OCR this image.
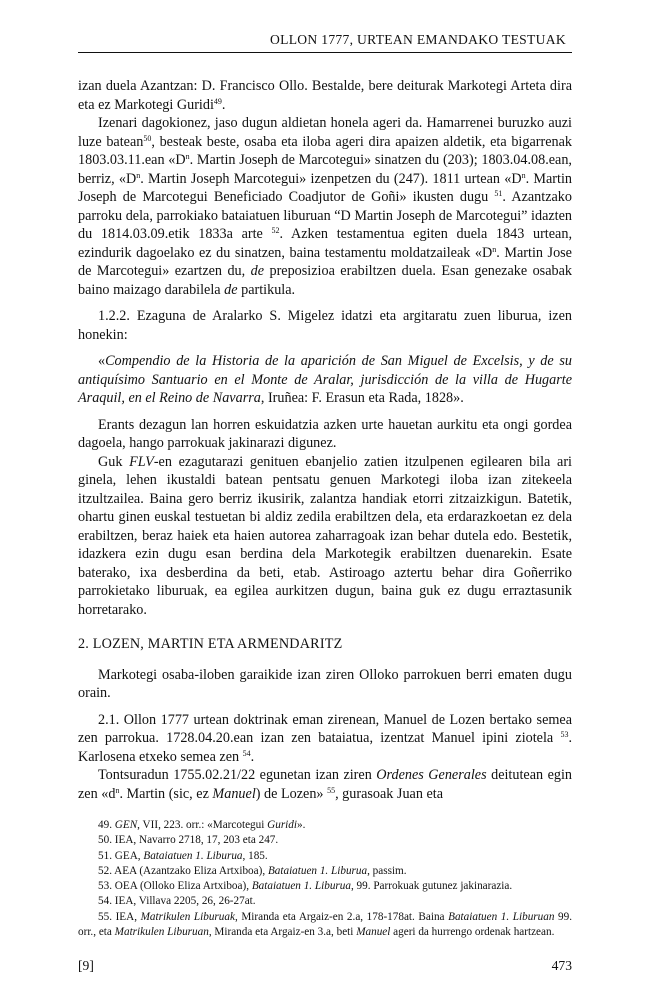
OLLON 1777, URTEAN EMANDAKO TESTUAK

izan duela Azantzan: D. Francisco Ollo. Bestalde, bere deiturak Markotegi Arteta dira eta ez Markotegi Guridi$^{49}$.

Izenari dagokionez, jaso dugun aldietan honela ageri da. Hamarrenei buruzko auzi luze batean$^{50}$, besteak beste, osaba eta iloba ageri dira apaizen aldetik, eta bigarrenak 1803.03.11.ean «$D^n$. Martin Joseph de Marcotegui» sinatzen du (203); 1803.04.08.ean, berriz, «$D^n$. Martin Joseph Marcotegui» izenpetzen du (247). 1811 urtean «$D^n$. Martin Joseph de Marcotegui Beneficiado Coadjutor de Goñi» ikusten dugu $^{51}$. Azantzako parroku dela, parrokiako bataiatuen liburuan “D Martin Joseph de Marcotegui” idazten du 1814.03.09.etik 1833a arte $^{52}$. Azken testamentua egiten duela 1843 urtean, ezindurik dagoelako ez du sinatzen, baina testamentu moldatzaileak «$D^n$. Martin Jose de Marcotegui» ezartzen du, de preposizioa erabiltzen duela. Esan genezake osabak baino maizago darabilela de partikula.

1.2.2. Ezaguna de Aralarko S. Migelez idatzi eta argitaratu zuen liburua, izen honekin:

«Compendio de la Historia de la aparición de San Miguel de Excelsis, y de su antiquísimo Santuario en el Monte de Aralar, jurisdicción de la villa de Hugarte Araquil, en el Reino de Navarra, Iruñea: F. Erasun eta Rada, 1828».

Erants dezagun lan horren eskuidatzia azken urte hauetan aurkitu eta ongi gordea dagoela, hango parrokuak jakinarazi digunez.

Guk FLV-en ezagutarazi genituen ebanjelio zatien itzulpenen egilearen bila ari ginela, lehen ikustaldi batean pentsatu genuen Markotegi iloba izan zitekeela itzultzailea. Baina gero berriz ikusirik, zalantza handiak etorri zitzaizkigun. Batetik, ohartu ginen euskal testuetan bi aldiz zedila erabiltzen dela, eta erdarazkoetan ez dela erabiltzen, beraz haiek eta haien autorea zaharragoak izan behar dutela edo. Bestetik, idazkera ezin dugu esan berdina dela Markotegik erabiltzen duenarekin. Esate baterako, ixa desberdina da beti, etab. Astiroago aztertu behar dira Goñerriko parrokietako liburuak, ea egilea aurkitzen dugun, baina guk ez dugu erraztasunik horretarako.

2. LOZEN, MARTIN ETA ARMENDARITZ

Markotegi osaba-iloben garaikide izan ziren Olloko parrokuen berri ematen dugu orain.

2.1. Ollon 1777 urtean doktrinak eman zirenean, Manuel de Lozen bertako semea zen parrokua. 1728.04.20.ean izan zen bataiatua, izentzat Manuel ipini ziotela $^{53}$. Karlosena etxeko semea zen $^{54}$.

Tontsuradun 1755.02.21/22 egunetan izan ziren Ordenes Generales deitutean egin zen «$d^n$. Martin (sic, ez Manuel) de Lozen» $^{55}$, gurasoak Juan eta

49. GEN, VII, 223. orr.: «Marcotegui Guridi».

50. IEA, Navarro 2718, 17, 203 eta 247.

51. GEA, Bataiatuen 1. Liburua, 185.

52. AEA (Azantzako Eliza Artxiboa), Bataiatuen 1. Liburua, passim.

53. OEA (Olloko Eliza Artxiboa), Bataiatuen 1. Liburua, 99. Parrokuak gutunez jakinarazia.

54. IEA, Villava 2205, 26, 26-27at.

55. IEA, Matrikulen Liburuak, Miranda eta Argaiz-en 2.a, 178-178at. Baina Bataiatuen 1. Liburuan 99. orr., eta Matrikulen Liburuan, Miranda eta Argaiz-en 3.a, beti Manuel ageri da hurrengo ordenak hartzean.

[9]	473
